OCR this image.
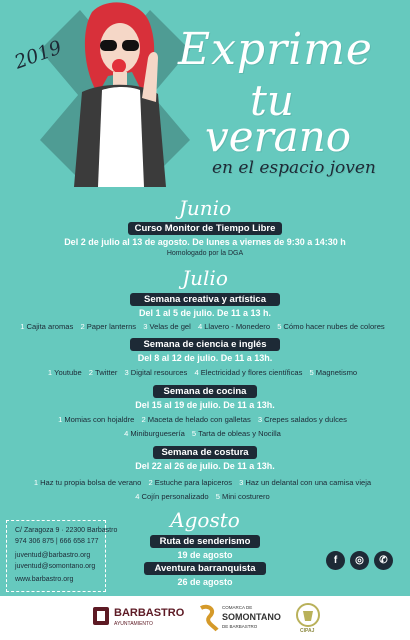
2019	Exprime
tu
verano
en el espacio joven
Junio
Curso Monitor de Tiempo Libre
Del 2 de julio al 13 de agosto. De lunes a viernes de 9:30 a 14:30 h
Homologado por la DGA
Julio
Semana creativa y artística
Del 1 al 5 de julio. De 11 a 13 h.
1 Cajita aromas 2 Paper lanterns 3 Velas de gel 4 Llavero - Monedero 5 Cómo hacer nubes de colores
Semana de ciencia e inglés
Del 8 al 12 de julio. De 11 a 13h.
1 Youtube 2 Twitter 3 Digital resources 4 Electricidad y flores científicas 5 Magnetismo
Semana de cocina
Del 15 al 19 de julio. De 11 a 13h.
1 Momias con hojaldre 2 Maceta de helado con galletas 3 Crepes salados y dulces
4 Miniburguesería 5 Tarta de obleas y Nocilla
Semana de costura
Del 22 al 26 de julio. De 11 a 13h.
1 Haz tu propia bolsa de verano 2 Estuche para lapiceros 3 Haz un delantal con una camisa vieja
4 Cojín personalizado 5 Mini costurero
Agosto
Ruta de senderismo
19 de agosto
Aventura barranquista
26 de agosto
C/ Zaragoza 9 · 22300 Barbastro
974 306 875 | 666 658 177
juventud@barbastro.org
juventud@somontano.org
www.barbastro.org
f	◎	✆
BARBASTRO
AYUNTAMIENTO
COMARCA DE
SOMONTANO
DE BARBASTRO
CIPAJ
